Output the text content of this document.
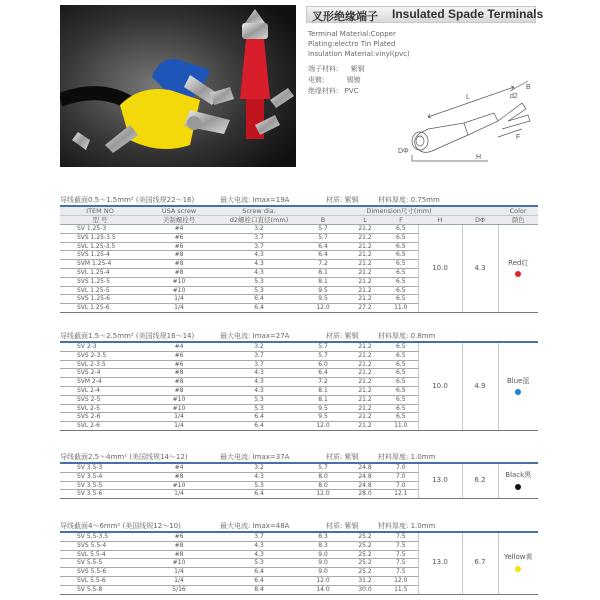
叉形绝缘端子 Insulated Spade Terminals
Terminal Material:Copper
Plating:electro Tin Plated
Insulation Material:vinyl(pvc)
端子材料: 紫铜
电镀:	锡镀
绝缘材料: PVC
L
B
d2
F
H
DΦ
导线截面0.5～1.5mm² (美国线规22～16)	最大电流: Imax=19A	材质: 紫铜	材料厚度: 0.75mm
ITEM NO	USA screw	Screw dia.	Dimension尺寸(mm)					Color
型 号	美制螺栓号	d2螺栓口直径(mm)	B	L	F	H	DΦ	颜色
SV 1.25-3	#4	3.2	5.7	21.2	6.5	10.0	4.3	Red红

SVS 1.25-3.5	#6	3.7	5.7	21.2	6.5			
SVL 1.25-3.5	#6	3.7	6.4	21.2	6.5			
SVS 1.25-4	#8	4.3	6.4	21.2	6.5			
SVM 1.25-4	#8	4.3	7.2	21.2	6.5			
SVL 1.25-4	#8	4.3	8.1	21.2	6.5			
SVS 1.25-5	#10	5.3	8.1	21.2	6.5			
SVL 1.25-5	#10	5.3	9.5	21.2	6.5			
SVS 1.25-6	1/4	6.4	9.5	21.2	6.5			
SVL 1.25-6	1/4	6.4	12.0	27.2	11.0			
导线截面1.5～2.5mm² (美国线规16～14)	最大电流: Imax=27A	材质: 紫铜	材料厚度: 0.8mm
SV 2-3	#4	3.2	5.7	21.2	6.5	10.0	4.9	Blue蓝

SVS 2-3.5	#6	3.7	5.7	21.2	6.5			
SVL 2-3.5	#6	3.7	6.0	21.2	6.5			
SVS 2-4	#8	4.3	6.4	21.2	6.5			
SVM 2-4	#8	4.3	7.2	21.2	6.5			
SVL 2-4	#8	4.3	8.1	21.2	6.5			
SVS 2-5	#10	5.3	8.1	21.2	6.5			
SVL 2-5	#10	5.3	9.5	21.2	6.5			
SVS 2-6	1/4	6.4	9.5	21.2	6.5			
SVL 2-6	1/4	6.4	12.0	21.2	11.0			
导线截面2.5～4mm² (美国线规14～12)	最大电流: Imax=37A	材质: 紫铜	材料厚度: 1.0mm
SV 3.5-3	#4	3.2	5.7	24.8	7.0	13.0	6.2	Black黑

SV 3.5-4	#8	4.3	8.0	24.8	7.0			
SV 3.5-5	#10	5.3	8.0	24.8	7.0			
SV 3.5-6	1/4	6.4	12.0	28.0	12.1			
导线截面4～6mm² (美国线规12～10)	最大电流: Imax=48A	材质: 紫铜	材料厚度: 1.0mm
SV 5.5-3.5	#6	3.7	8.3	25.2	7.5	13.0	6.7	Yellow黄

SVS 5.5-4	#8	4.3	8.3	25.2	7.5			
SVL 5.5-4	#8	4.3	9.0	25.2	7.5			
SV 5.5-5	#10	5.3	9.0	25.2	7.5			
SVS 5.5-6	1/4	6.4	9.0	25.2	7.5			
SVL 5.5-6	1/4	6.4	12.0	31.2	12.0			
SV 5.5-8	5/16	8.4	14.0	30.0	11.5			
